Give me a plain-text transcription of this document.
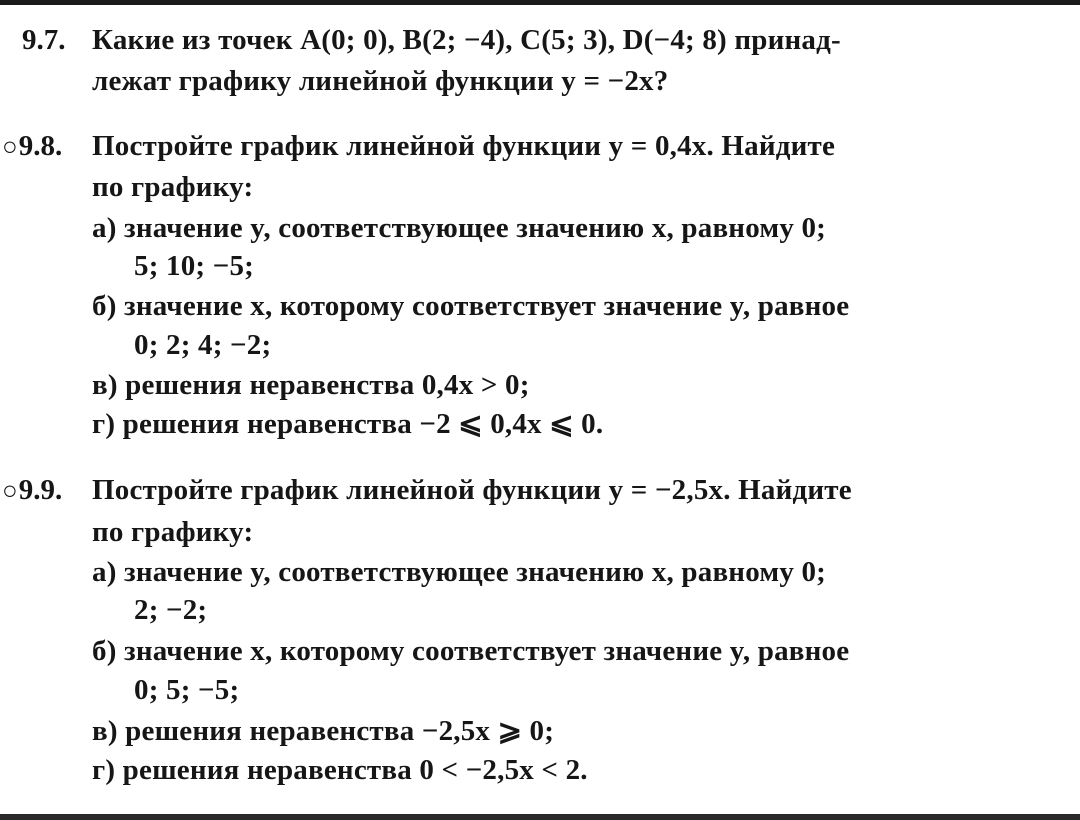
9.7. Какие из точек A(0; 0), B(2; −4), C(5; 3), D(−4; 8) принад-
лежат графику линейной функции y = −2x?
○9.8. Постройте график линейной функции y = 0,4x. Найдите
по графику:
а) значение y, соответствующее значению x, равному 0;
5; 10; −5;
б) значение x, которому соответствует значение y, равное
0; 2; 4; −2;
в) решения неравенства 0,4x > 0;
г) решения неравенства −2 ⩽ 0,4x ⩽ 0.
○9.9. Постройте график линейной функции y = −2,5x. Найдите
по графику:
а) значение y, соответствующее значению x, равному 0;
2; −2;
б) значение x, которому соответствует значение y, равное
0; 5; −5;
в) решения неравенства −2,5x ⩾ 0;
г) решения неравенства 0 < −2,5x < 2.
